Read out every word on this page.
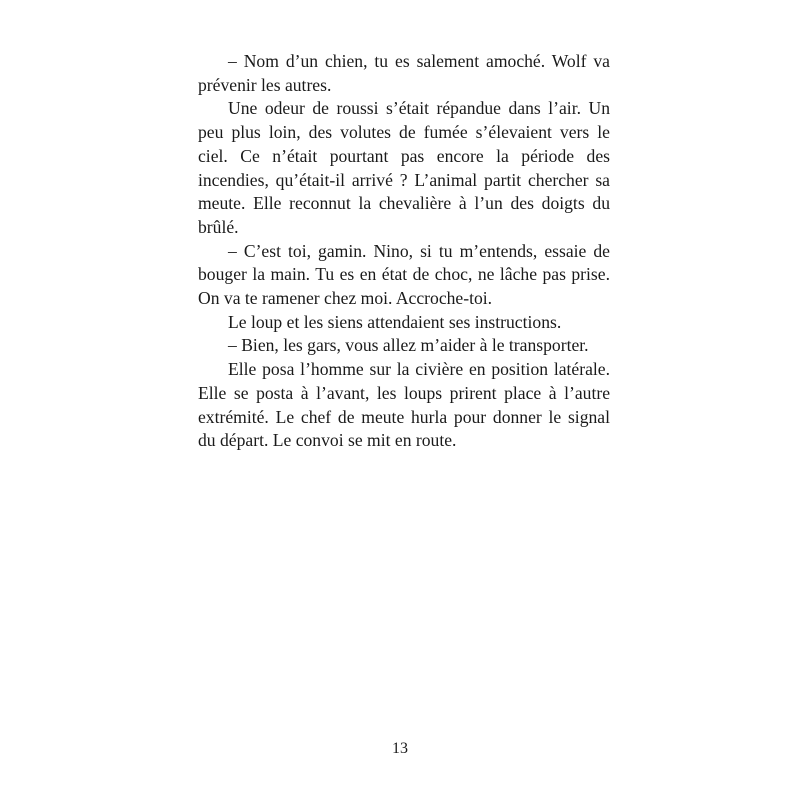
– Nom d’un chien, tu es salement amoché. Wolf va prévenir les autres.

Une odeur de roussi s’était répandue dans l’air. Un peu plus loin, des volutes de fumée s’élevaient vers le ciel. Ce n’était pourtant pas encore la période des incendies, qu’était-il arrivé ? L’animal partit chercher sa meute. Elle reconnut la chevalière à l’un des doigts du brûlé.

– C’est toi, gamin. Nino, si tu m’entends, essaie de bouger la main. Tu es en état de choc, ne lâche pas prise. On va te ramener chez moi. Accroche-toi.

Le loup et les siens attendaient ses instructions.

– Bien, les gars, vous allez m’aider à le transporter.

Elle posa l’homme sur la civière en position latérale. Elle se posta à l’avant, les loups prirent place à l’autre extrémité. Le chef de meute hurla pour donner le signal du départ. Le convoi se mit en route.

13
